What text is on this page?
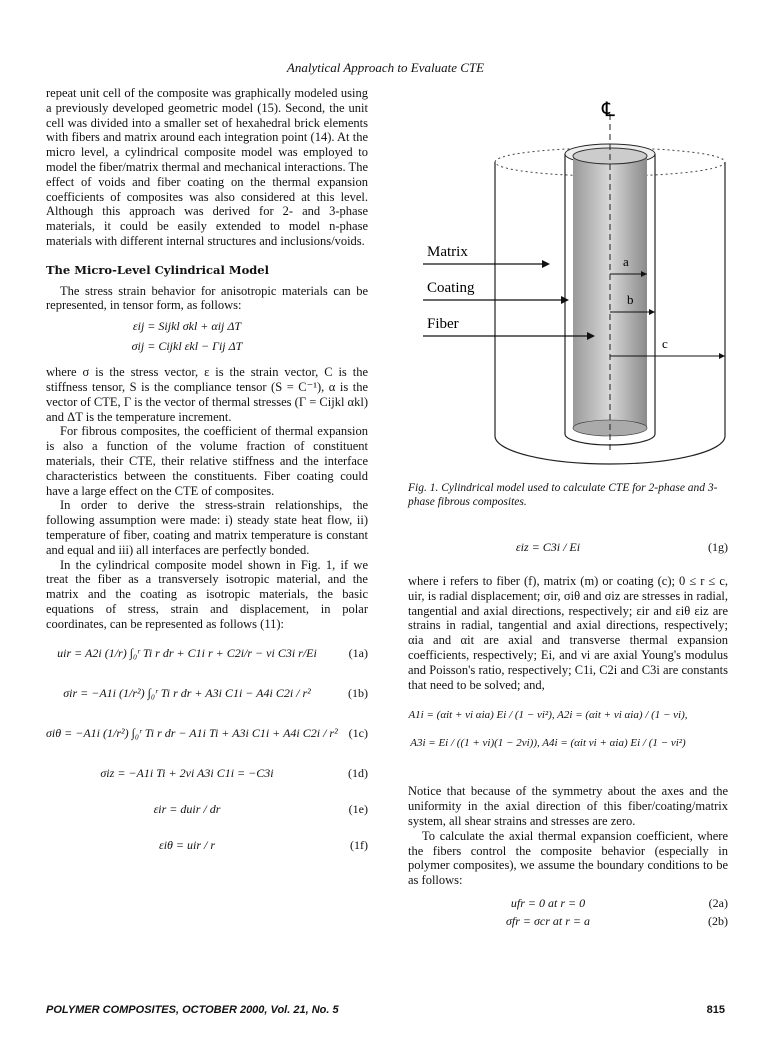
Analytical Approach to Evaluate CTE

repeat unit cell of the composite was graphically modeled using a previously developed geometric model (15). Second, the unit cell was divided into a smaller set of hexahedral brick elements with fibers and matrix around each integration point (14). At the micro level, a cylindrical composite model was employed to model the fiber/matrix thermal and mechanical interactions. The effect of voids and fiber coating on the thermal expansion coefficients of composites was also considered at this level. Although this approach was derived for 2- and 3-phase materials, it could be easily extended to model n-phase materials with different internal structures and inclusions/voids.

The Micro-Level Cylindrical Model

The stress strain behavior for anisotropic materials can be represented, in tensor form, as follows:

εij = Sijkl σkl + αij ΔT
σij = Cijkl εkl − Γij ΔT

where σ is the stress vector, ε is the strain vector, C is the stiffness tensor, S is the compliance tensor (S = C⁻¹), α is the vector of CTE, Γ is the vector of thermal stresses (Γ = Cijkl αkl) and ΔT is the temperature increment.

For fibrous composites, the coefficient of thermal expansion is also a function of the volume fraction of constituent materials, their CTE, their relative stiffness and the interface characteristics between the constituents. Fiber coating could have a large effect on the CTE of composites.

In order to derive the stress-strain relationships, the following assumption were made: i) steady state heat flow, ii) temperature of fiber, coating and matrix temperature is constant and equal and iii) all interfaces are perfectly bonded.

In the cylindrical composite model shown in Fig. 1, if we treat the fiber as a transversely isotropic material, and the matrix and the coating as isotropic materials, the basic equations of stress, strain and displacement, in polar coordinates, can be represented as follows (11):

uir = A2i (1/r) ∫₀ʳ Ti r dr + C1i r + C2i/r − νi C3i r/Ei	(1a)
σir = −A1i (1/r²) ∫₀ʳ Ti r dr + A3i C1i − A4i C2i / r²	(1b)
σiθ = −A1i (1/r²) ∫₀ʳ Ti r dr − A1i Ti + A3i C1i + A4i C2i / r² (1c)
σiz = −A1i Ti + 2νi A3i C1i = −C3i	(1d)
εir = duir / dr	(1e)
εiθ = uir / r	(1f)
℄
Matrix
Coating
Fiber
a
b
c
Fig. 1. Cylindrical model used to calculate CTE for 2-phase and 3-phase fibrous composites.
εiz = C3i / Ei	(1g)

where i refers to fiber (f), matrix (m) or coating (c); 0 ≤ r ≤ c, uir, is radial displacement; σir, σiθ and σiz are stresses in radial, tangential and axial directions, respectively; εir and εiθ εiz are strains in radial, tangential and axial directions, respectively; αia and αit are axial and transverse thermal expansion coefficients, respectively; Ei, and νi are axial Young's modulus and Poisson's ratio, respectively; C1i, C2i and C3i are constants that need to be solved; and,

A1i = (αit + νi αia) Ei / (1 − νi²), A2i = (αit + νi αia) / (1 − νi),
A3i = Ei / ((1 + νi)(1 − 2νi)), A4i = (αit νi + αia) Ei / (1 − νi²)

Notice that because of the symmetry about the axes and the uniformity in the axial direction of this fiber/coating/matrix system, all shear strains and stresses are zero.

To calculate the axial thermal expansion coefficient, where the fibers control the composite behavior (especially in polymer composites), we assume the boundary conditions to be as follows:

ufr = 0 at r = 0	(2a)
σfr = σcr at r = a	(2b)
POLYMER COMPOSITES, OCTOBER 2000, Vol. 21, No. 5	815
